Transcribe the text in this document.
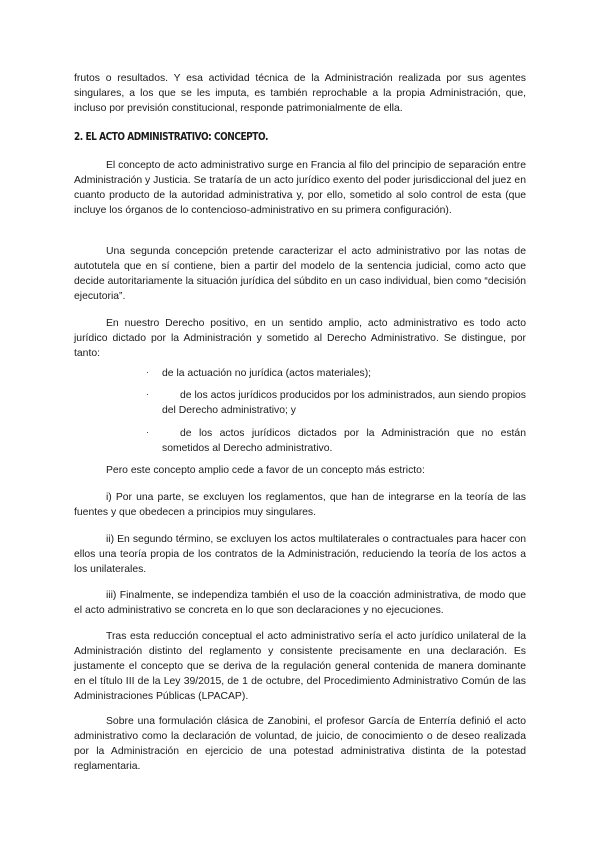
frutos o resultados. Y esa actividad técnica de la Administración realizada por sus agentes singulares, a los que se les imputa, es también reprochable a la propia Administración, que, incluso por previsión constitucional, responde patrimonialmente de ella.

2. EL ACTO ADMINISTRATIVO: CONCEPTO.

El concepto de acto administrativo surge en Francia al filo del principio de separación entre Administración y Justicia. Se trataría de un acto jurídico exento del poder jurisdiccional del juez en cuanto producto de la autoridad administrativa y, por ello, sometido al solo control de esta (que incluye los órganos de lo contencioso-administrativo en su primera configuración).

Una segunda concepción pretende caracterizar el acto administrativo por las notas de autotutela que en sí contiene, bien a partir del modelo de la sentencia judicial, como acto que decide autoritariamente la situación jurídica del súbdito en un caso individual, bien como “decisión ejecutoria”.

En nuestro Derecho positivo, en un sentido amplio, acto administrativo es todo acto jurídico dictado por la Administración y sometido al Derecho Administrativo. Se distingue, por tanto:

· de la actuación no jurídica (actos materiales);
·	de los actos jurídicos producidos por los administrados, aun siendo propios del Derecho administrativo; y
·	de los actos jurídicos dictados por la Administración que no están sometidos al Derecho administrativo.

Pero este concepto amplio cede a favor de un concepto más estricto:

i) Por una parte, se excluyen los reglamentos, que han de integrarse en la teoría de las fuentes y que obedecen a principios muy singulares.

ii) En segundo término, se excluyen los actos multilaterales o contractuales para hacer con ellos una teoría propia de los contratos de la Administración, reduciendo la teoría de los actos a los unilaterales.

iii) Finalmente, se independiza también el uso de la coacción administrativa, de modo que el acto administrativo se concreta en lo que son declaraciones y no ejecuciones.

Tras esta reducción conceptual el acto administrativo sería el acto jurídico unilateral de la Administración distinto del reglamento y consistente precisamente en una declaración. Es justamente el concepto que se deriva de la regulación general contenida de manera dominante en el título III de la Ley 39/2015, de 1 de octubre, del Procedimiento Administrativo Común de las Administraciones Públicas (LPACAP).

Sobre una formulación clásica de Zanobini, el profesor García de Enterría definió el acto administrativo como la declaración de voluntad, de juicio, de conocimiento o de deseo realizada por la Administración en ejercicio de una potestad administrativa distinta de la potestad reglamentaria.
